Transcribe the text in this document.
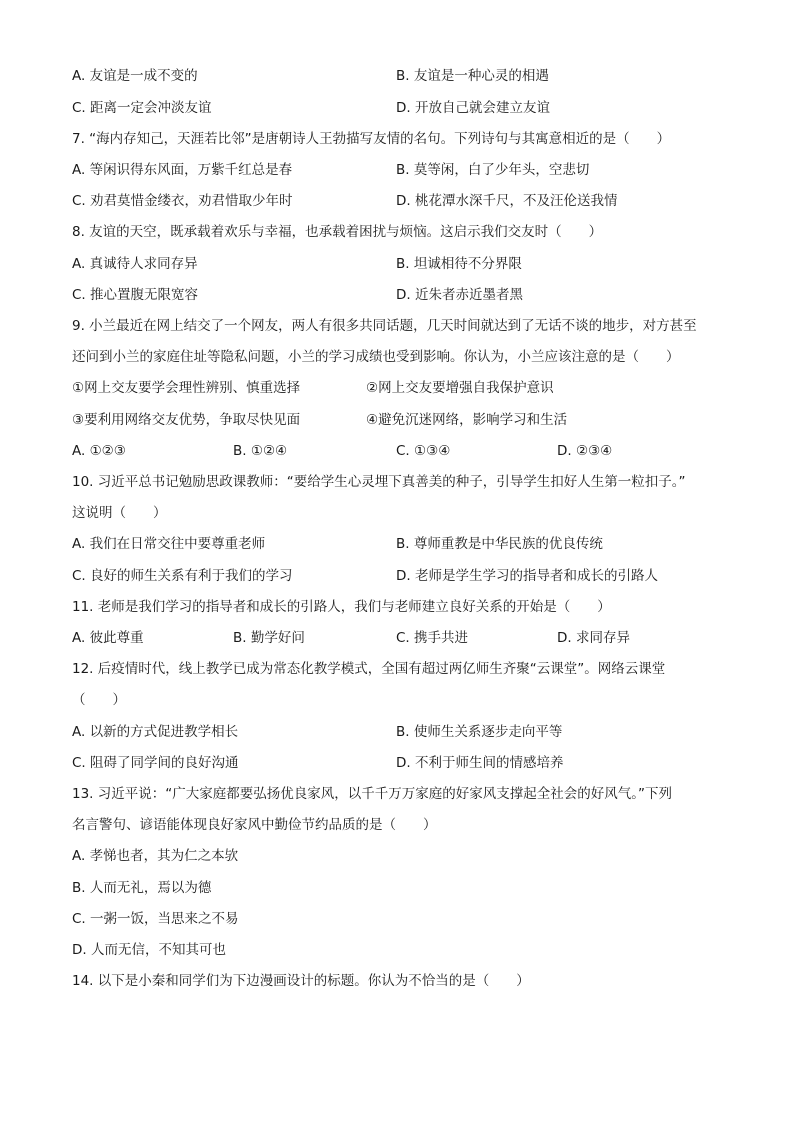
A. 友谊是一成不变的	B. 友谊是一种心灵的相遇
C. 距离一定会冲淡友谊	D. 开放自己就会建立友谊
7. “海内存知己，天涯若比邻”是唐朝诗人王勃描写友情的名句。下列诗句与其寓意相近的是（　　）
A. 等闲识得东风面，万紫千红总是春	B. 莫等闲，白了少年头，空悲切
C. 劝君莫惜金缕衣，劝君惜取少年时	D. 桃花潭水深千尺，不及汪伦送我情
8. 友谊的天空，既承载着欢乐与幸福，也承载着困扰与烦恼。这启示我们交友时（　　）
A. 真诚待人求同存异	B. 坦诚相待不分界限
C. 推心置腹无限宽容	D. 近朱者赤近墨者黑
9. 小兰最近在网上结交了一个网友，两人有很多共同话题，几天时间就达到了无话不谈的地步，对方甚至
还问到小兰的家庭住址等隐私问题，小兰的学习成绩也受到影响。你认为，小兰应该注意的是（　　）
①网上交友要学会理性辨别、慎重选择	②网上交友要增强自我保护意识
③要利用网络交友优势，争取尽快见面	④避免沉迷网络，影响学习和生活
A. ①②③	B. ①②④	C. ①③④	D. ②③④
10. 习近平总书记勉励思政课教师：“要给学生心灵埋下真善美的种子，引导学生扣好人生第一粒扣子。”
这说明（　　）
A. 我们在日常交往中要尊重老师	B. 尊师重教是中华民族的优良传统
C. 良好的师生关系有利于我们的学习	D. 老师是学生学习的指导者和成长的引路人
11. 老师是我们学习的指导者和成长的引路人，我们与老师建立良好关系的开始是（　　）
A. 彼此尊重	B. 勤学好问	C. 携手共进	D. 求同存异
12. 后疫情时代，线上教学已成为常态化教学模式，全国有超过两亿师生齐聚“云课堂”。网络云课堂
（　　）
A. 以新的方式促进教学相长	B. 使师生关系逐步走向平等
C. 阻碍了同学间的良好沟通	D. 不利于师生间的情感培养
13. 习近平说：“广大家庭都要弘扬优良家风，以千千万万家庭的好家风支撑起全社会的好风气。”下列
名言警句、谚语能体现良好家风中勤俭节约品质的是（　　）
A. 孝悌也者，其为仁之本欤
B. 人而无礼，焉以为德
C. 一粥一饭，当思来之不易
D. 人而无信，不知其可也
14. 以下是小秦和同学们为下边漫画设计的标题。你认为不恰当的是（　　）
